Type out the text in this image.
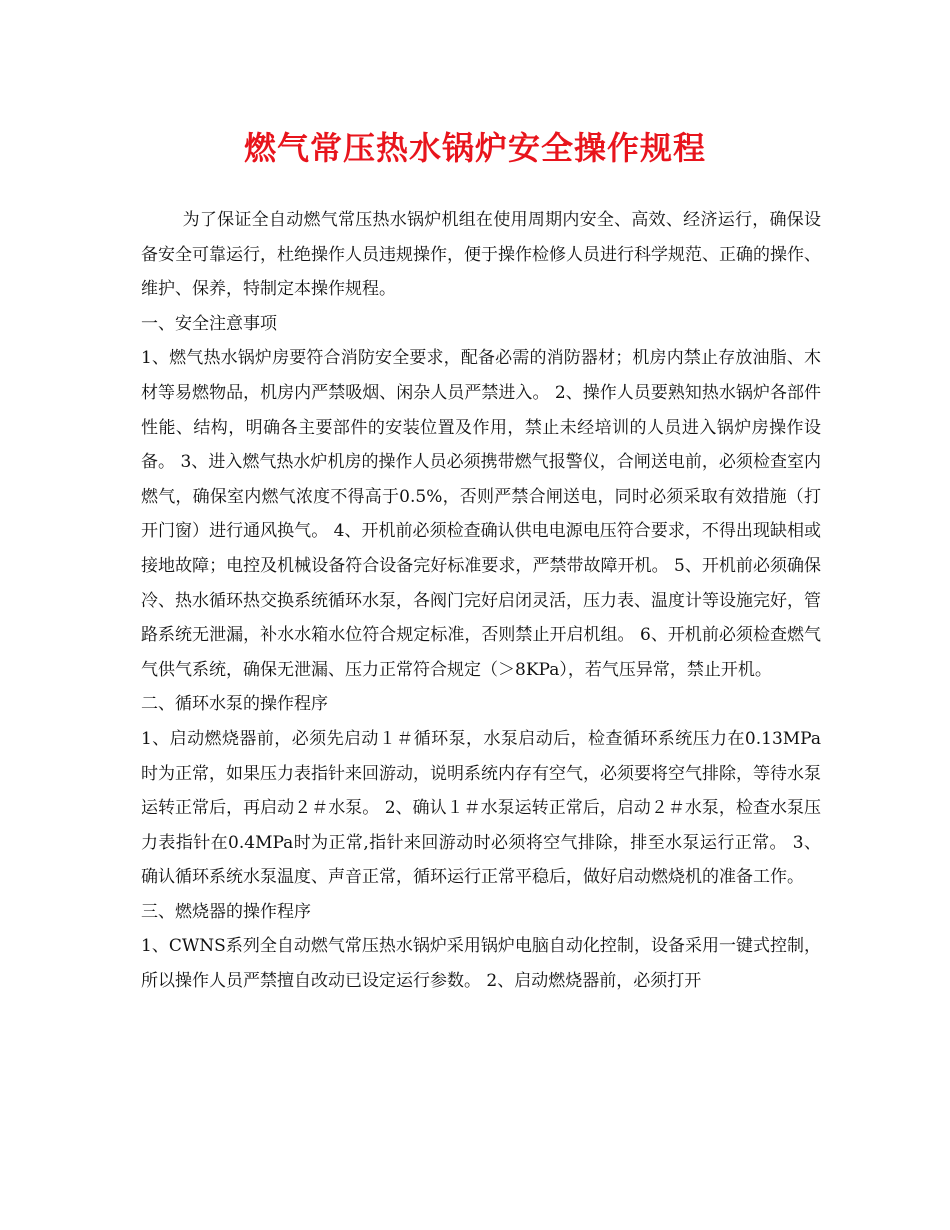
燃气常压热水锅炉安全操作规程

为了保证全自动燃气常压热水锅炉机组在使用周期内安全、高效、经济运行，确保设备安全可靠运行，杜绝操作人员违规操作，便于操作检修人员进行科学规范、正确的操作、维护、保养，特制定本操作规程。

一、安全注意事项

1、燃气热水锅炉房要符合消防安全要求，配备必需的消防器材；机房内禁止存放油脂、木材等易燃物品，机房内严禁吸烟、闲杂人员严禁进入。 2、操作人员要熟知热水锅炉各部件性能、结构，明确各主要部件的安装位置及作用，禁止未经培训的人员进入锅炉房操作设备。 3、进入燃气热水炉机房的操作人员必须携带燃气报警仪，合闸送电前，必须检查室内燃气，确保室内燃气浓度不得高于0.5%，否则严禁合闸送电，同时必须采取有效措施（打开门窗）进行通风换气。 4、开机前必须检查确认供电电源电压符合要求，不得出现缺相或接地故障；电控及机械设备符合设备完好标准要求，严禁带故障开机。 5、开机前必须确保冷、热水循环热交换系统循环水泵，各阀门完好启闭灵活，压力表、温度计等设施完好，管路系统无泄漏，补水水箱水位符合规定标准，否则禁止开启机组。 6、开机前必须检查燃气气供气系统，确保无泄漏、压力正常符合规定（＞8KPa），若气压异常，禁止开机。

二、循环水泵的操作程序

1、启动燃烧器前，必须先启动１＃循环泵，水泵启动后，检查循环系统压力在0.13MPa时为正常，如果压力表指针来回游动，说明系统内存有空气，必须要将空气排除，等待水泵运转正常后，再启动２＃水泵。 2、确认１＃水泵运转正常后，启动２＃水泵，检查水泵压力表指针在0.4MPa时为正常,指针来回游动时必须将空气排除，排至水泵运行正常。 3、确认循环系统水泵温度、声音正常，循环运行正常平稳后，做好启动燃烧机的准备工作。

三、燃烧器的操作程序

1、CWNS系列全自动燃气常压热水锅炉采用锅炉电脑自动化控制，设备采用一键式控制，所以操作人员严禁擅自改动已设定运行参数。 2、启动燃烧器前，必须打开
